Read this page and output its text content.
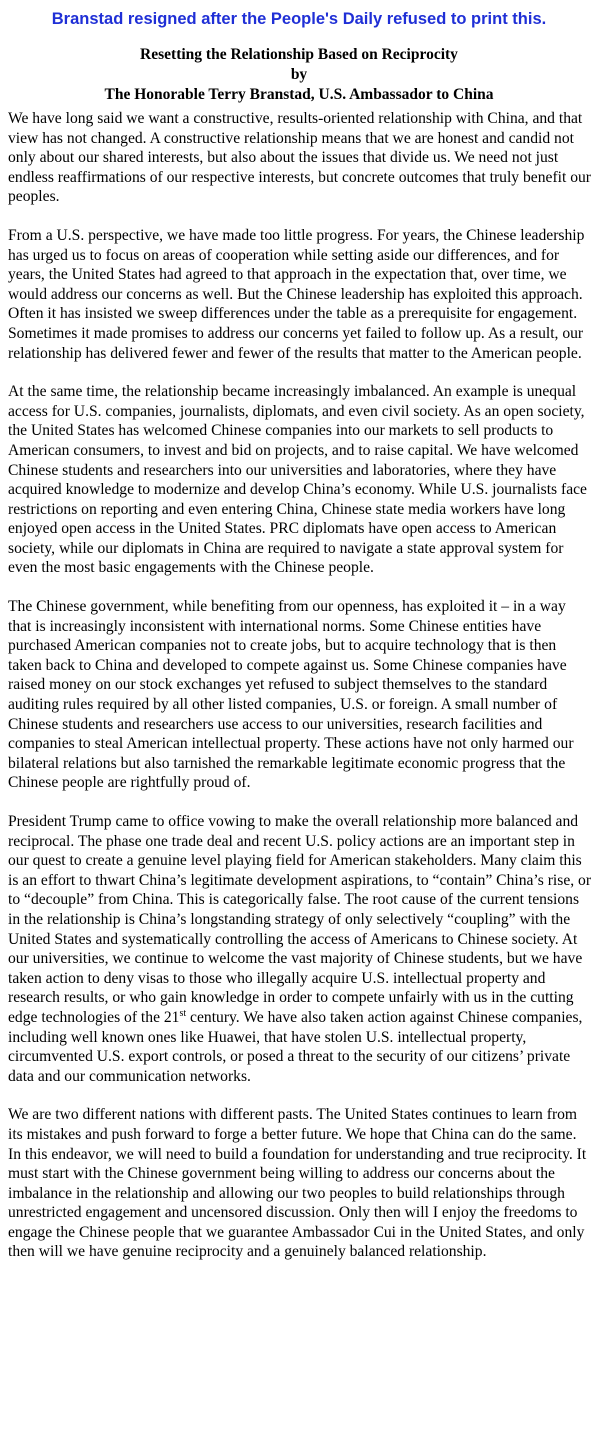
Branstad resigned after the People's Daily refused to print this.
Resetting the Relationship Based on Reciprocity
by
The Honorable Terry Branstad, U.S. Ambassador to China

We have long said we want a constructive, results-oriented relationship with China, and that view has not changed. A constructive relationship means that we are honest and candid not only about our shared interests, but also about the issues that divide us. We need not just endless reaffirmations of our respective interests, but concrete outcomes that truly benefit our peoples.

From a U.S. perspective, we have made too little progress. For years, the Chinese leadership has urged us to focus on areas of cooperation while setting aside our differences, and for years, the United States had agreed to that approach in the expectation that, over time, we would address our concerns as well. But the Chinese leadership has exploited this approach. Often it has insisted we sweep differences under the table as a prerequisite for engagement. Sometimes it made promises to address our concerns yet failed to follow up. As a result, our relationship has delivered fewer and fewer of the results that matter to the American people.

At the same time, the relationship became increasingly imbalanced. An example is unequal access for U.S. companies, journalists, diplomats, and even civil society. As an open society, the United States has welcomed Chinese companies into our markets to sell products to American consumers, to invest and bid on projects, and to raise capital. We have welcomed Chinese students and researchers into our universities and laboratories, where they have acquired knowledge to modernize and develop China’s economy. While U.S. journalists face restrictions on reporting and even entering China, Chinese state media workers have long enjoyed open access in the United States. PRC diplomats have open access to American society, while our diplomats in China are required to navigate a state approval system for even the most basic engagements with the Chinese people.

The Chinese government, while benefiting from our openness, has exploited it – in a way that is increasingly inconsistent with international norms. Some Chinese entities have purchased American companies not to create jobs, but to acquire technology that is then taken back to China and developed to compete against us. Some Chinese companies have raised money on our stock exchanges yet refused to subject themselves to the standard auditing rules required by all other listed companies, U.S. or foreign. A small number of Chinese students and researchers use access to our universities, research facilities and companies to steal American intellectual property. These actions have not only harmed our bilateral relations but also tarnished the remarkable legitimate economic progress that the Chinese people are rightfully proud of.

President Trump came to office vowing to make the overall relationship more balanced and reciprocal. The phase one trade deal and recent U.S. policy actions are an important step in our quest to create a genuine level playing field for American stakeholders. Many claim this is an effort to thwart China’s legitimate development aspirations, to “contain” China’s rise, or to “decouple” from China. This is categorically false. The root cause of the current tensions in the relationship is China’s longstanding strategy of only selectively “coupling” with the United States and systematically controlling the access of Americans to Chinese society. At our universities, we continue to welcome the vast majority of Chinese students, but we have taken action to deny visas to those who illegally acquire U.S. intellectual property and research results, or who gain knowledge in order to compete unfairly with us in the cutting edge technologies of the 21st century. We have also taken action against Chinese companies, including well known ones like Huawei, that have stolen U.S. intellectual property, circumvented U.S. export controls, or posed a threat to the security of our citizens’ private data and our communication networks.

We are two different nations with different pasts. The United States continues to learn from its mistakes and push forward to forge a better future. We hope that China can do the same. In this endeavor, we will need to build a foundation for understanding and true reciprocity. It must start with the Chinese government being willing to address our concerns about the imbalance in the relationship and allowing our two peoples to build relationships through unrestricted engagement and uncensored discussion. Only then will I enjoy the freedoms to engage the Chinese people that we guarantee Ambassador Cui in the United States, and only then will we have genuine reciprocity and a genuinely balanced relationship.
